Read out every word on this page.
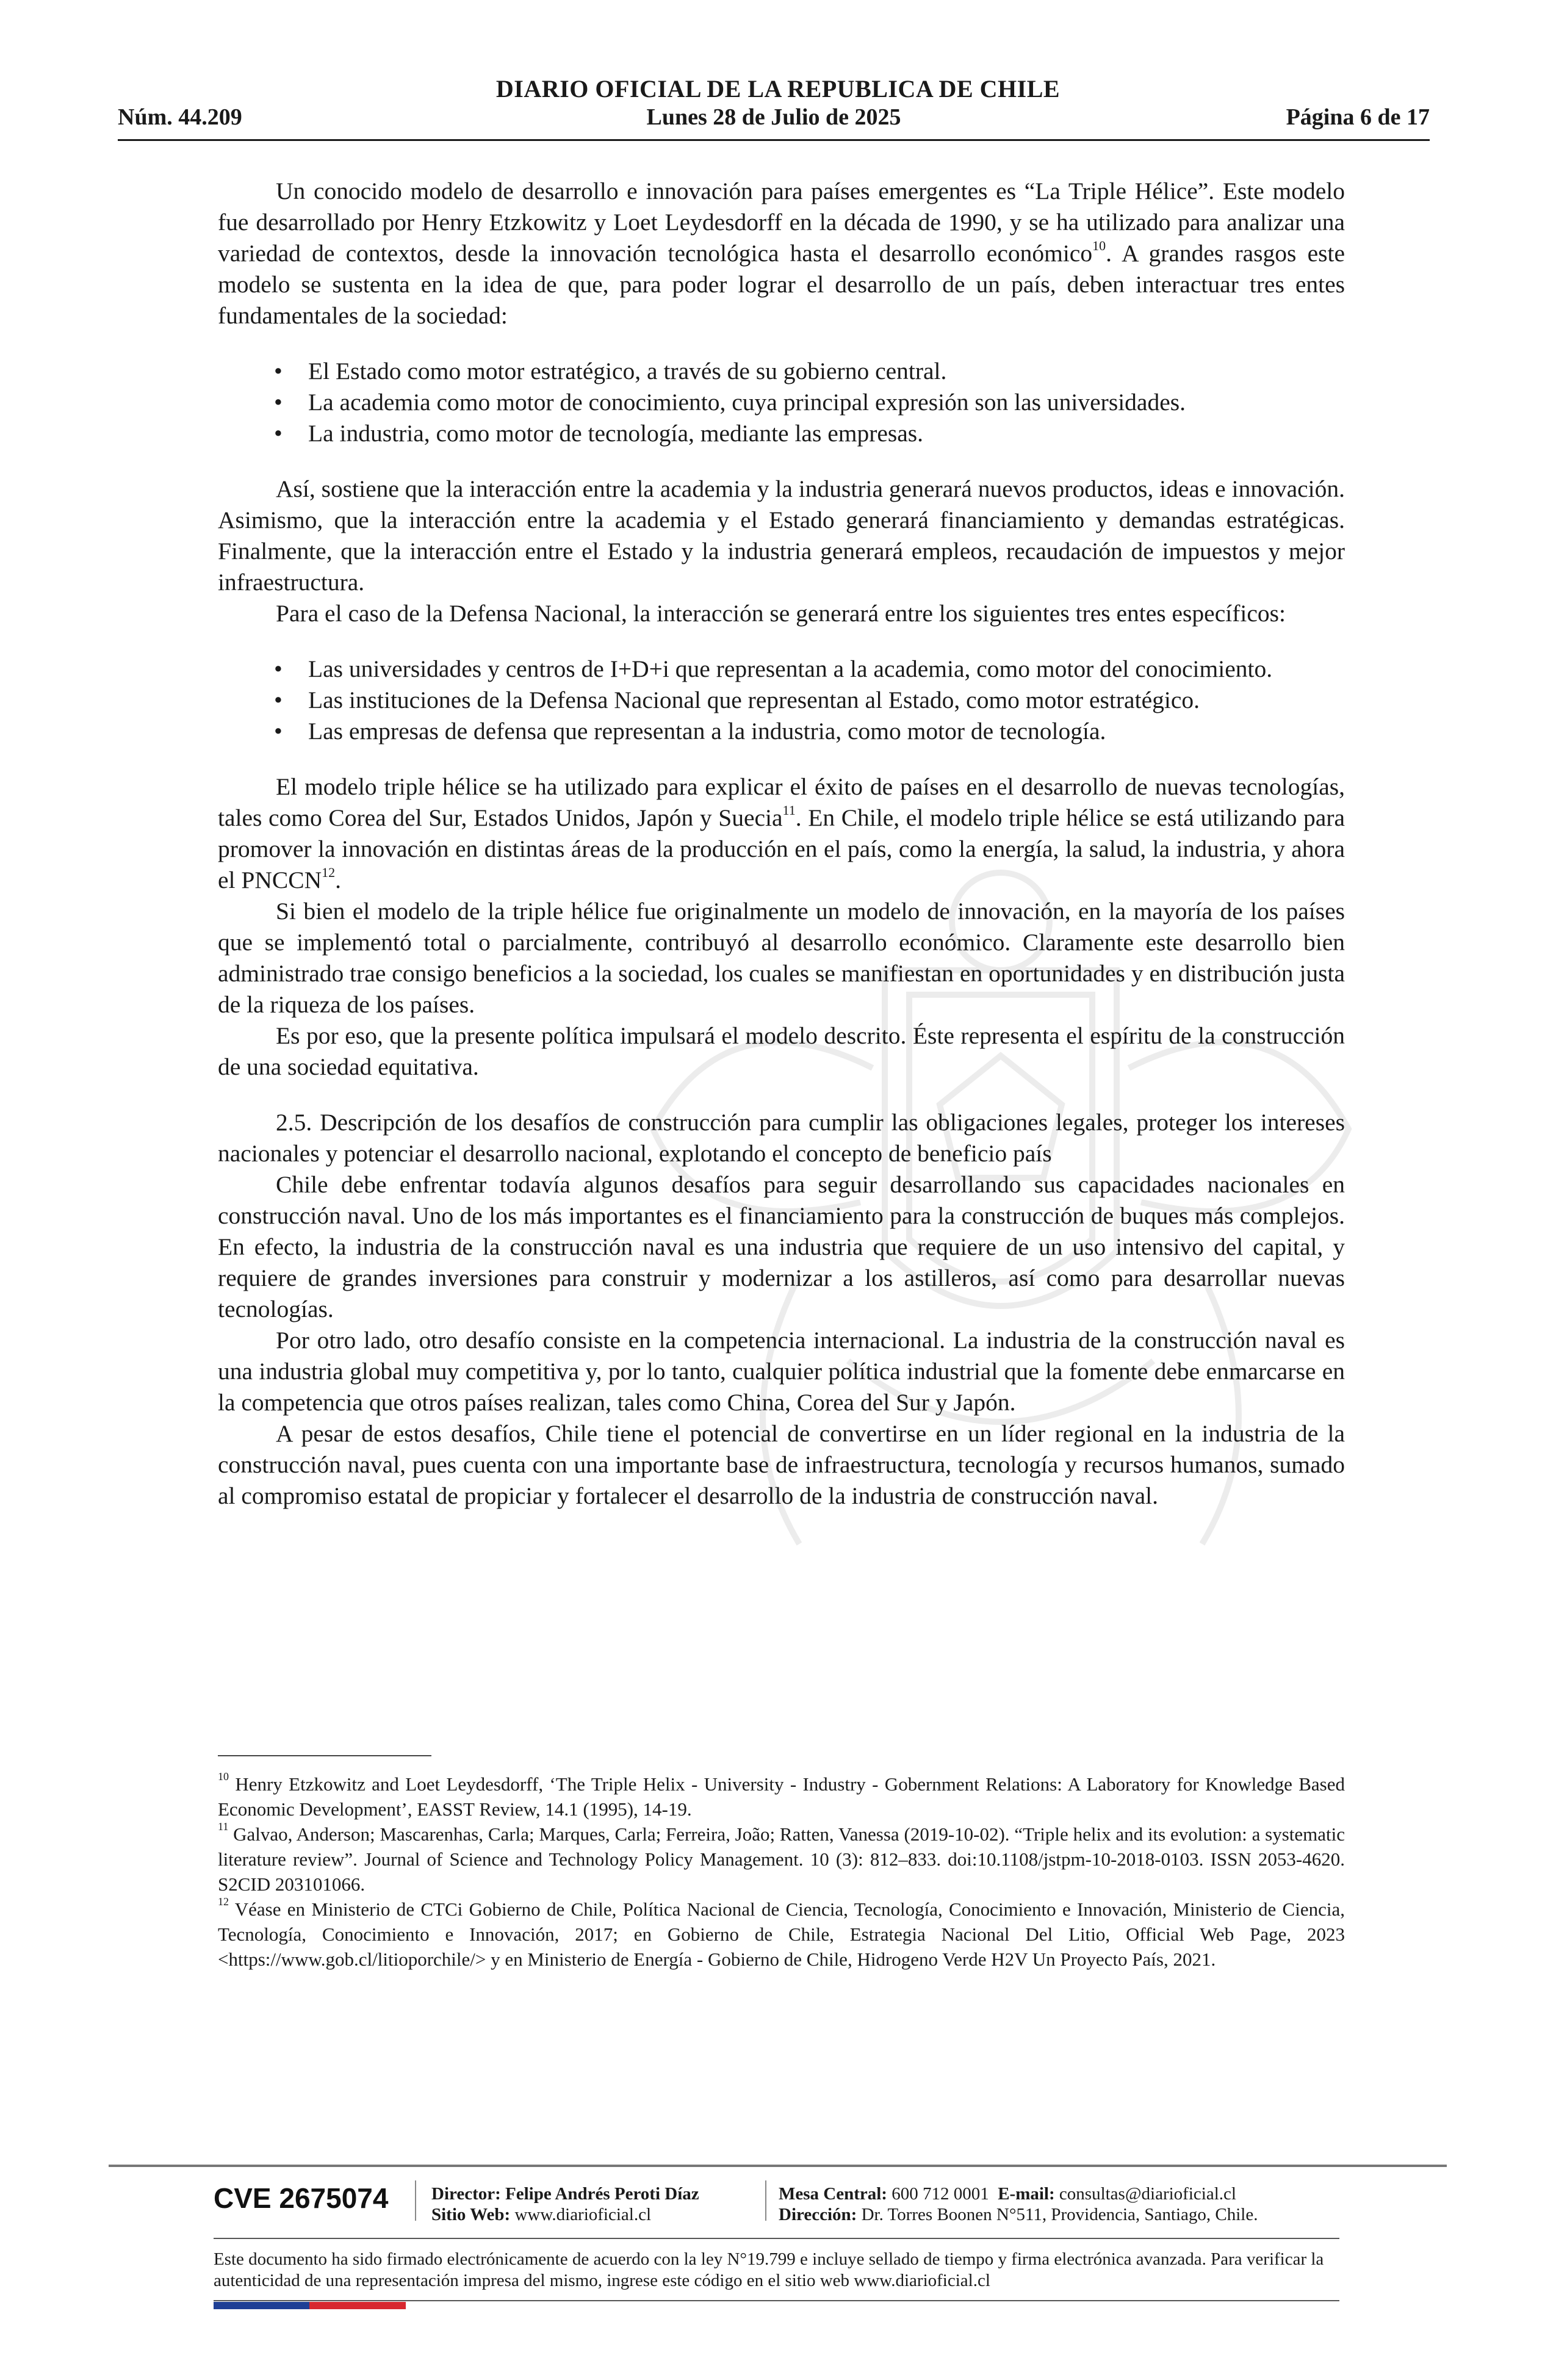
DIARIO OFICIAL DE LA REPUBLICA DE CHILE
Núm. 44.209	Lunes 28 de Julio de 2025	Página 6 de 17

Un conocido modelo de desarrollo e innovación para países emergentes es “La Triple Hélice”. Este modelo fue desarrollado por Henry Etzkowitz y Loet Leydesdorff en la década de 1990, y se ha utilizado para analizar una variedad de contextos, desde la innovación tecnológica hasta el desarrollo económico$^{10}$. A grandes rasgos este modelo se sustenta en la idea de que, para poder lograr el desarrollo de un país, deben interactuar tres entes fundamentales de la sociedad:

• El Estado como motor estratégico, a través de su gobierno central.
• La academia como motor de conocimiento, cuya principal expresión son las universidades.
• La industria, como motor de tecnología, mediante las empresas.

Así, sostiene que la interacción entre la academia y la industria generará nuevos productos, ideas e innovación. Asimismo, que la interacción entre la academia y el Estado generará financiamiento y demandas estratégicas. Finalmente, que la interacción entre el Estado y la industria generará empleos, recaudación de impuestos y mejor infraestructura.

Para el caso de la Defensa Nacional, la interacción se generará entre los siguientes tres entes específicos:

• Las universidades y centros de I+D+i que representan a la academia, como motor del conocimiento.
• Las instituciones de la Defensa Nacional que representan al Estado, como motor estratégico.
• Las empresas de defensa que representan a la industria, como motor de tecnología.

El modelo triple hélice se ha utilizado para explicar el éxito de países en el desarrollo de nuevas tecnologías, tales como Corea del Sur, Estados Unidos, Japón y Suecia$^{11}$. En Chile, el modelo triple hélice se está utilizando para promover la innovación en distintas áreas de la producción en el país, como la energía, la salud, la industria, y ahora el PNCCN$^{12}$.

Si bien el modelo de la triple hélice fue originalmente un modelo de innovación, en la mayoría de los países que se implementó total o parcialmente, contribuyó al desarrollo económico. Claramente este desarrollo bien administrado trae consigo beneficios a la sociedad, los cuales se manifiestan en oportunidades y en distribución justa de la riqueza de los países.

Es por eso, que la presente política impulsará el modelo descrito. Éste representa el espíritu de la construcción de una sociedad equitativa.

2.5. Descripción de los desafíos de construcción para cumplir las obligaciones legales, proteger los intereses nacionales y potenciar el desarrollo nacional, explotando el concepto de beneficio país

Chile debe enfrentar todavía algunos desafíos para seguir desarrollando sus capacidades nacionales en construcción naval. Uno de los más importantes es el financiamiento para la construcción de buques más complejos. En efecto, la industria de la construcción naval es una industria que requiere de un uso intensivo del capital, y requiere de grandes inversiones para construir y modernizar a los astilleros, así como para desarrollar nuevas tecnologías.

Por otro lado, otro desafío consiste en la competencia internacional. La industria de la construcción naval es una industria global muy competitiva y, por lo tanto, cualquier política industrial que la fomente debe enmarcarse en la competencia que otros países realizan, tales como China, Corea del Sur y Japón.

A pesar de estos desafíos, Chile tiene el potencial de convertirse en un líder regional en la industria de la construcción naval, pues cuenta con una importante base de infraestructura, tecnología y recursos humanos, sumado al compromiso estatal de propiciar y fortalecer el desarrollo de la industria de construcción naval.

$^{10}$ Henry Etzkowitz and Loet Leydesdorff, ‘The Triple Helix - University - Industry - Gobernment Relations: A Laboratory for Knowledge Based Economic Development’, EASST Review, 14.1 (1995), 14-19.

$^{11}$ Galvao, Anderson; Mascarenhas, Carla; Marques, Carla; Ferreira, João; Ratten, Vanessa (2019-10-02). “Triple helix and its evolution: a systematic literature review”. Journal of Science and Technology Policy Management. 10 (3): 812–833. doi:10.1108/jstpm-10-2018-0103. ISSN 2053-4620. S2CID 203101066.

$^{12}$ Véase en Ministerio de CTCi Gobierno de Chile, Política Nacional de Ciencia, Tecnología, Conocimiento e Innovación, Ministerio de Ciencia, Tecnología, Conocimiento e Innovación, 2017; en Gobierno de Chile, Estrategia Nacional Del Litio, Official Web Page, 2023 <https://www.gob.cl/litioporchile/> y en Ministerio de Energía - Gobierno de Chile, Hidrogeno Verde H2V Un Proyecto País, 2021.

CVE 2675074 Director: Felipe Andrés Peroti Díaz
Sitio Web: www.diarioficial.cl
Mesa Central: 600 712 0001 E-mail: consultas@diarioficial.cl
Dirección: Dr. Torres Boonen N°511, Providencia, Santiago, Chile.
Este documento ha sido firmado electrónicamente de acuerdo con la ley N°19.799 e incluye sellado de tiempo y firma electrónica avanzada. Para verificar la autenticidad de una representación impresa del mismo, ingrese este código en el sitio web www.diarioficial.cl
